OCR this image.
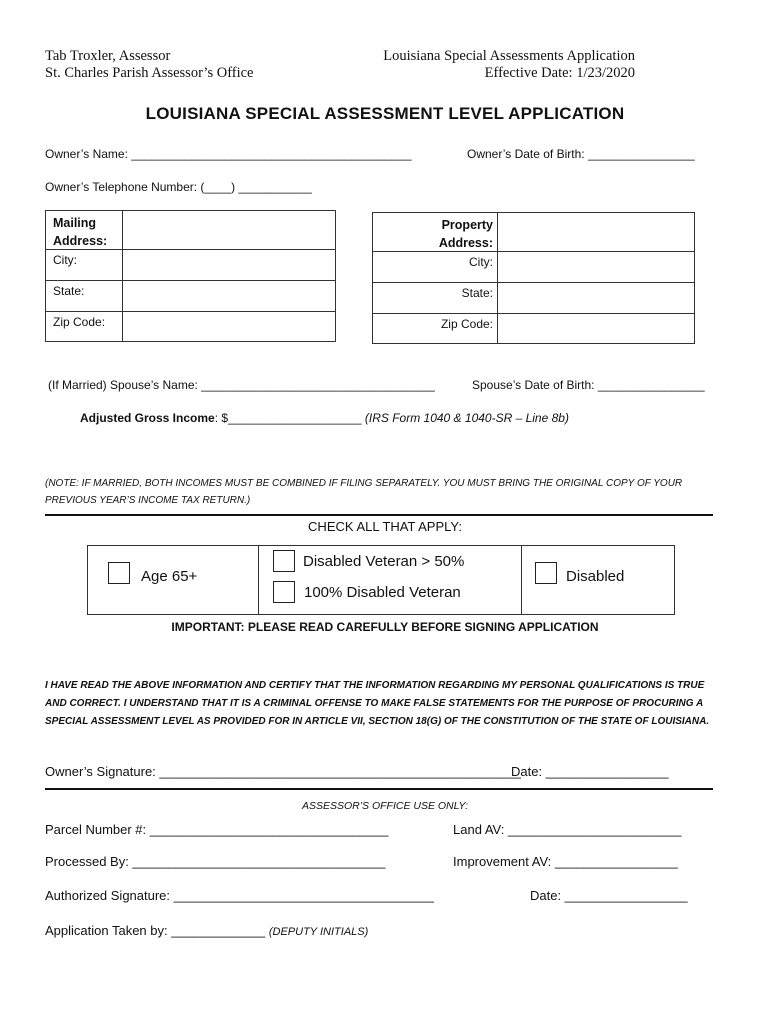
Tab Troxler, Assessor
St. Charles Parish Assessor’s Office
Louisiana Special Assessments Application
Effective Date: 1/23/2020
LOUISIANA SPECIAL ASSESSMENT LEVEL APPLICATION
Owner’s Name: __________________________________________	Owner’s Date of Birth: ________________
Owner’s Telephone Number: (____) ___________
Mailing Address:
City:
State:
Zip Code:
Property Address:
City:
State:
Zip Code:
(If Married) Spouse’s Name: ___________________________________	Spouse’s Date of Birth: ________________
Adjusted Gross Income: $____________________ (IRS Form 1040 & 1040-SR – Line 8b)
(NOTE: IF MARRIED, BOTH INCOMES MUST BE COMBINED IF FILING SEPARATELY. YOU MUST BRING THE ORIGINAL COPY OF YOUR PREVIOUS YEAR’S INCOME TAX RETURN.)
CHECK ALL THAT APPLY:
Age 65+
Disabled Veteran > 50%
100% Disabled Veteran
Disabled
IMPORTANT: PLEASE READ CAREFULLY BEFORE SIGNING APPLICATION
I HAVE READ THE ABOVE INFORMATION AND CERTIFY THAT THE INFORMATION REGARDING MY PERSONAL QUALIFICATIONS IS TRUE AND CORRECT. I UNDERSTAND THAT IT IS A CRIMINAL OFFENSE TO MAKE FALSE STATEMENTS FOR THE PURPOSE OF PROCURING A SPECIAL ASSESSMENT LEVEL AS PROVIDED FOR IN ARTICLE VII, SECTION 18(G) OF THE CONSTITUTION OF THE STATE OF LOUISIANA.
Owner’s Signature: __________________________________________________
Date: _________________
ASSESSOR’S OFFICE USE ONLY:
Parcel Number #: _________________________________	Land AV: ________________________
Processed By: ___________________________________	Improvement AV: _________________
Authorized Signature: ____________________________________	Date: _________________
Application Taken by: _____________ (DEPUTY INITIALS)
